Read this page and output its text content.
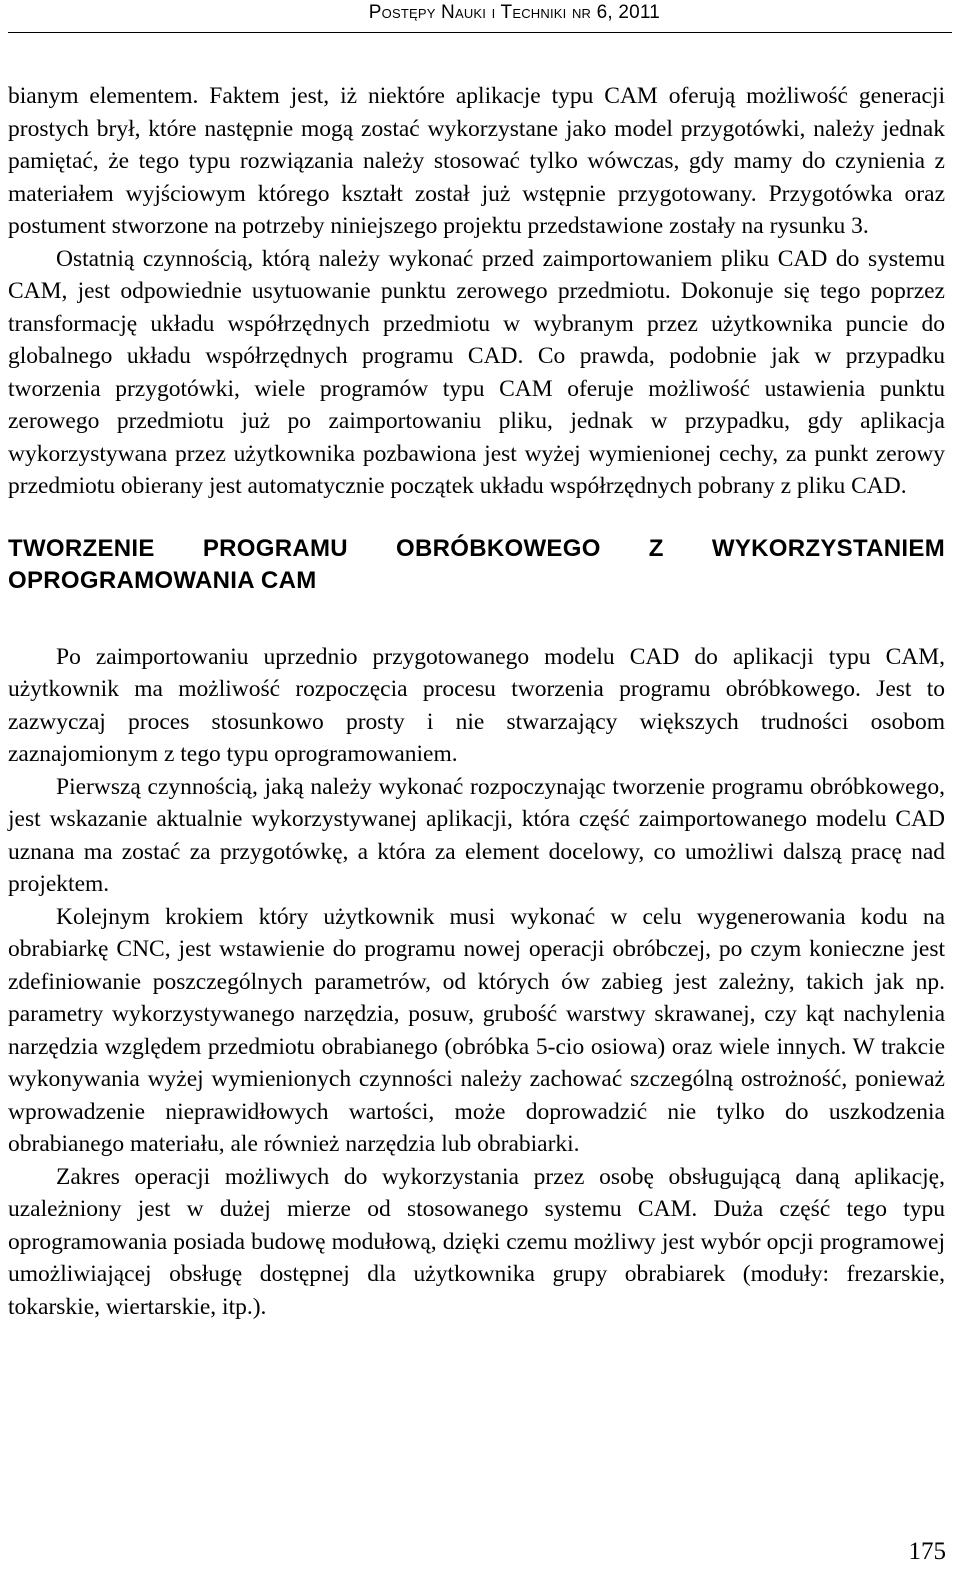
Postępy Nauki i Techniki nr 6, 2011

bianym elementem. Faktem jest, iż niektóre aplikacje typu CAM oferują możliwość generacji prostych brył, które następnie mogą zostać wykorzystane jako model przygotówki, należy jednak pamiętać, że tego typu rozwiązania należy stosować tylko wówczas, gdy mamy do czynienia z materiałem wyjściowym którego kształt został już wstępnie przygotowany. Przygotówka oraz postument stworzone na potrzeby niniejszego projektu przedstawione zostały na rysunku 3.

Ostatnią czynnością, którą należy wykonać przed zaimportowaniem pliku CAD do systemu CAM, jest odpowiednie usytuowanie punktu zerowego przedmiotu. Dokonuje się tego poprzez transformację układu współrzędnych przedmiotu w wybranym przez użytkownika puncie do globalnego układu współrzędnych programu CAD. Co prawda, podobnie jak w przypadku tworzenia przygotówki, wiele programów typu CAM oferuje możliwość ustawienia punktu zerowego przedmiotu już po zaimportowaniu pliku, jednak w przypadku, gdy aplikacja wykorzystywana przez użytkownika pozbawiona jest wyżej wymienionej cechy, za punkt zerowy przedmiotu obierany jest automatycznie początek układu współrzędnych pobrany z pliku CAD.

TWORZENIE PROGRAMU OBRÓBKOWEGO Z WYKORZYSTANIEM OPROGRAMOWANIA CAM

Po zaimportowaniu uprzednio przygotowanego modelu CAD do aplikacji typu CAM, użytkownik ma możliwość rozpoczęcia procesu tworzenia programu obróbkowego. Jest to zazwyczaj proces stosunkowo prosty i nie stwarzający większych trudności osobom zaznajomionym z tego typu oprogramowaniem.

Pierwszą czynnością, jaką należy wykonać rozpoczynając tworzenie programu obróbkowego, jest wskazanie aktualnie wykorzystywanej aplikacji, która część zaimportowanego modelu CAD uznana ma zostać za przygotówkę, a która za element docelowy, co umożliwi dalszą pracę nad projektem.

Kolejnym krokiem który użytkownik musi wykonać w celu wygenerowania kodu na obrabiarkę CNC, jest wstawienie do programu nowej operacji obróbczej, po czym konieczne jest zdefiniowanie poszczególnych parametrów, od których ów zabieg jest zależny, takich jak np. parametry wykorzystywanego narzędzia, posuw, grubość warstwy skrawanej, czy kąt nachylenia narzędzia względem przedmiotu obrabianego (obróbka 5-cio osiowa) oraz wiele innych. W trakcie wykonywania wyżej wymienionych czynności należy zachować szczególną ostrożność, ponieważ wprowadzenie nieprawidłowych wartości, może doprowadzić nie tylko do uszkodzenia obrabianego materiału, ale również narzędzia lub obrabiarki.

Zakres operacji możliwych do wykorzystania przez osobę obsługującą daną aplikację, uzależniony jest w dużej mierze od stosowanego systemu CAM. Duża część tego typu oprogramowania posiada budowę modułową, dzięki czemu możliwy jest wybór opcji programowej umożliwiającej obsługę dostępnej dla użytkownika grupy obrabiarek (moduły: frezarskie, tokarskie, wiertarskie, itp.).

175
